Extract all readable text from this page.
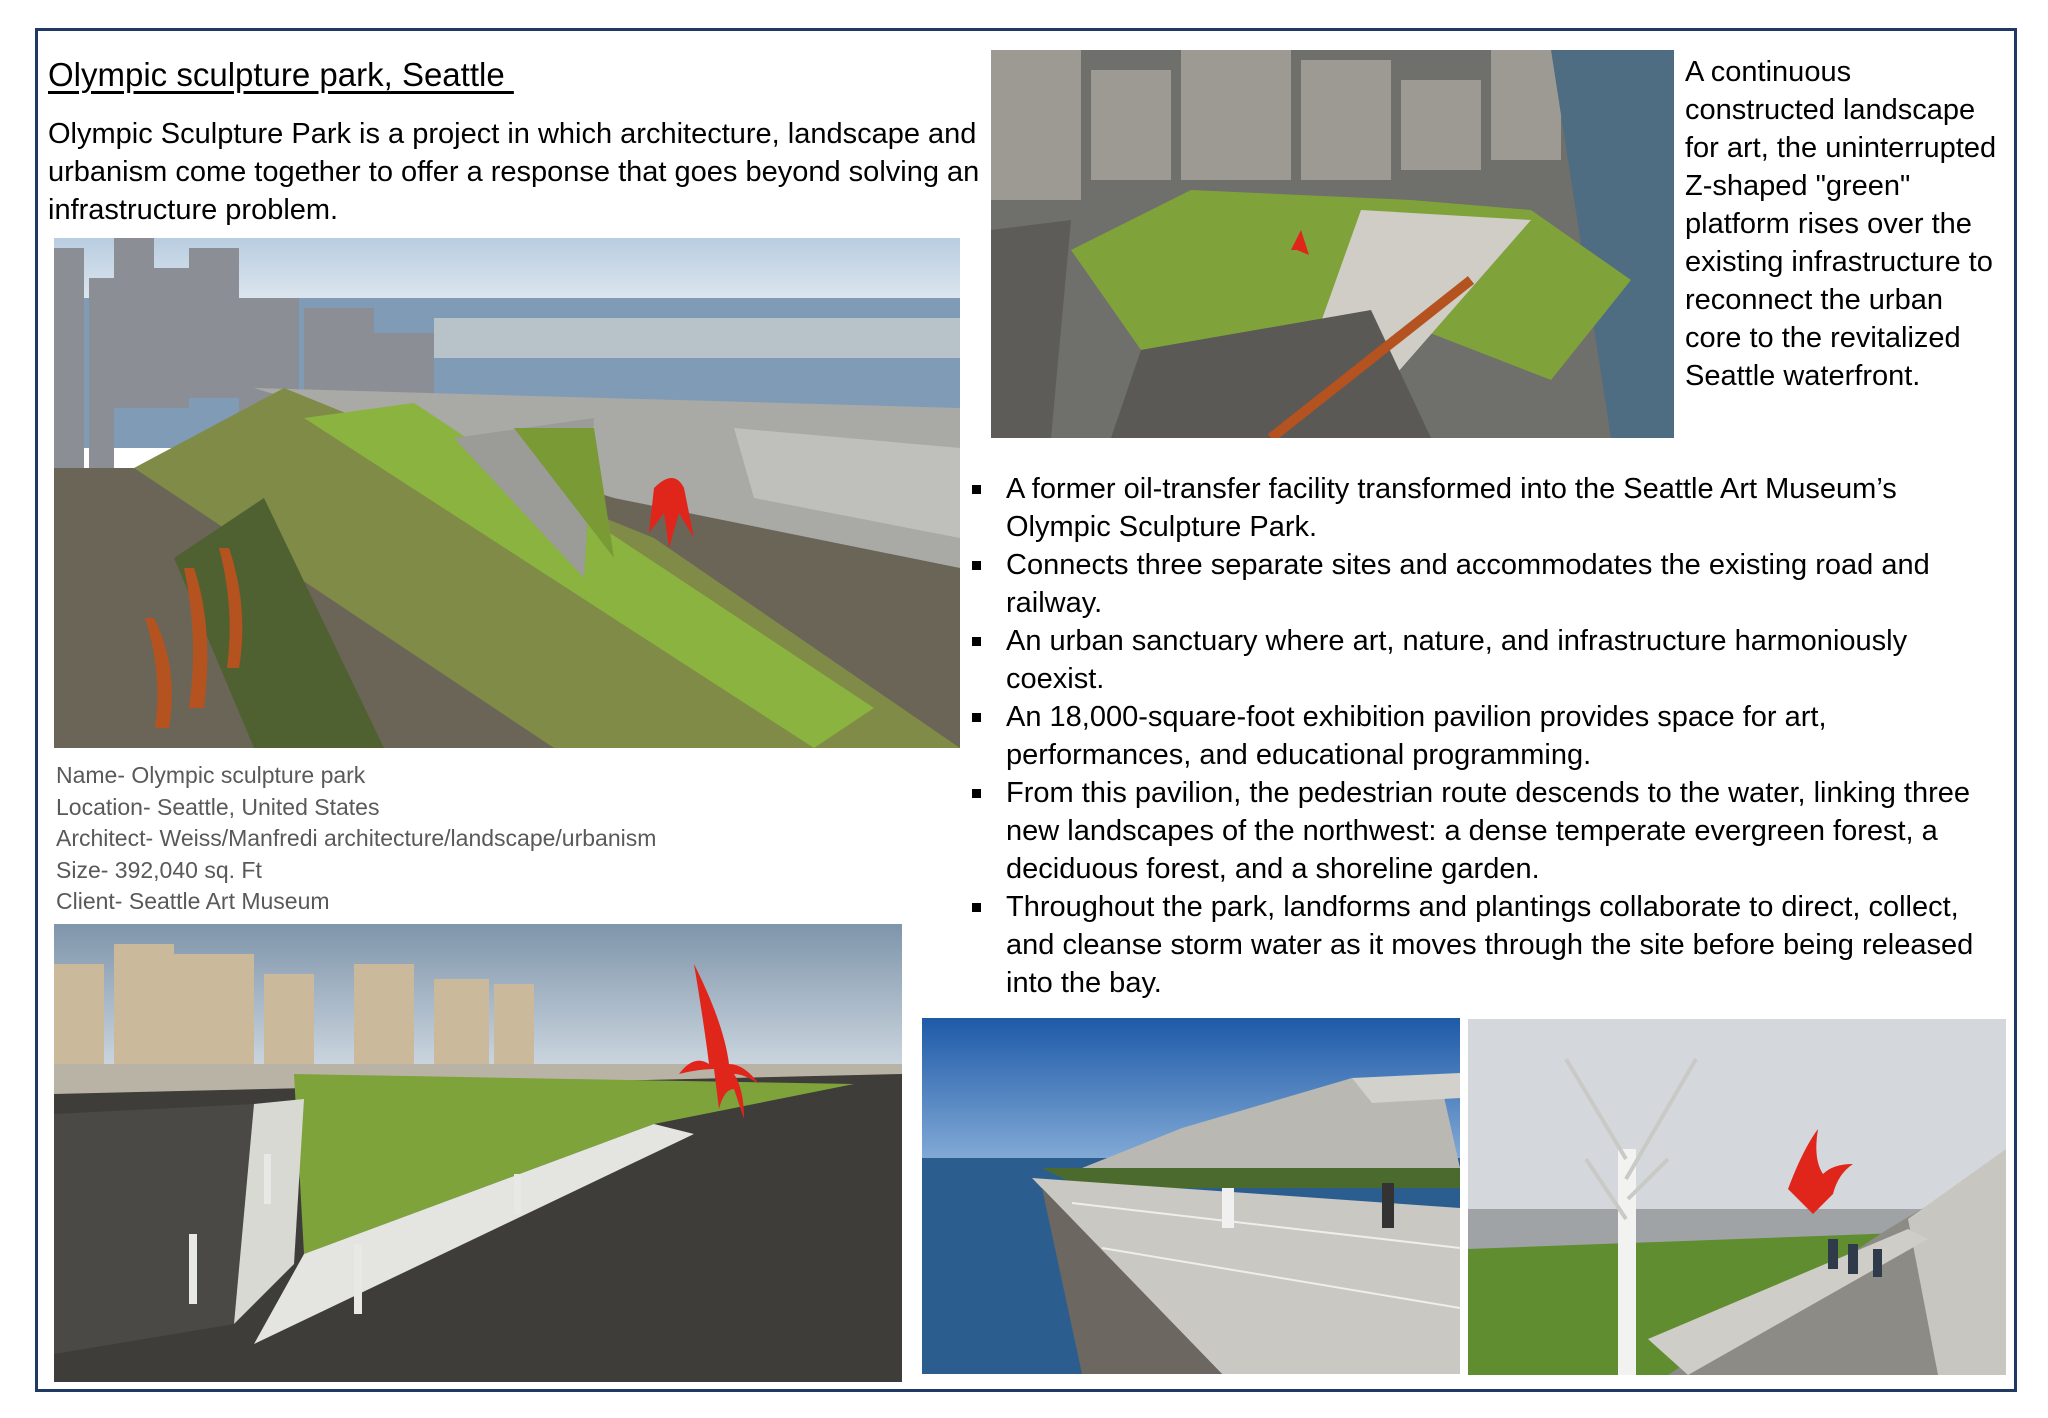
Olympic sculpture park, Seattle
Olympic Sculpture Park is a project in which architecture, landscape and urbanism come together to offer a response that goes beyond solving an infrastructure problem.
Name- Olympic sculpture park
Location- Seattle, United States
Architect- Weiss/Manfredi architecture/landscape/urbanism
Size- 392,040 sq. Ft
Client- Seattle Art Museum
A continuous constructed landscape for art, the uninterrupted Z-shaped "green" platform rises over the existing infrastructure to reconnect the urban core to the revitalized Seattle waterfront.
A former oil-transfer facility transformed into the Seattle Art Museum’s Olympic Sculpture Park.
Connects three separate sites and accommodates the existing road and railway.
An urban sanctuary where art, nature, and infrastructure harmoniously coexist.
An 18,000-square-foot exhibition pavilion provides space for art, performances, and educational programming.
From this pavilion, the pedestrian route descends to the water, linking three new landscapes of the northwest: a dense temperate evergreen forest, a deciduous forest, and a shoreline garden.
Throughout the park, landforms and plantings collaborate to direct, collect, and cleanse storm water as it moves through the site before being released into the bay.
